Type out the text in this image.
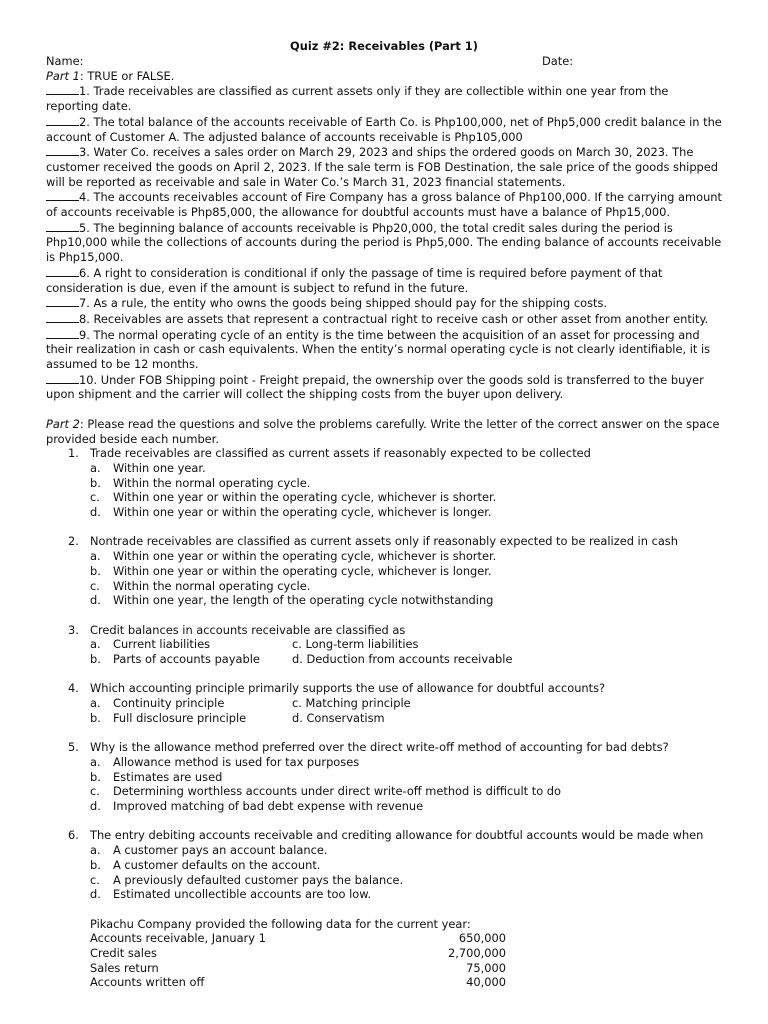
Quiz #2: Receivables (Part 1)
Name:	Date:
Part 1: TRUE or FALSE.
1. Trade receivables are classified as current assets only if they are collectible within one year from the reporting date.
2. The total balance of the accounts receivable of Earth Co. is Php100,000, net of Php5,000 credit balance in the account of Customer A. The adjusted balance of accounts receivable is Php105,000
3. Water Co. receives a sales order on March 29, 2023 and ships the ordered goods on March 30, 2023. The customer received the goods on April 2, 2023. If the sale term is FOB Destination, the sale price of the goods shipped will be reported as receivable and sale in Water Co.’s March 31, 2023 financial statements.
4. The accounts receivables account of Fire Company has a gross balance of Php100,000. If the carrying amount of accounts receivable is Php85,000, the allowance for doubtful accounts must have a balance of Php15,000.
5. The beginning balance of accounts receivable is Php20,000, the total credit sales during the period is Php10,000 while the collections of accounts during the period is Php5,000. The ending balance of accounts receivable is Php15,000.
6. A right to consideration is conditional if only the passage of time is required before payment of that consideration is due, even if the amount is subject to refund in the future.
7. As a rule, the entity who owns the goods being shipped should pay for the shipping costs.
8. Receivables are assets that represent a contractual right to receive cash or other asset from another entity.
9. The normal operating cycle of an entity is the time between the acquisition of an asset for processing and their realization in cash or cash equivalents. When the entity’s normal operating cycle is not clearly identifiable, it is assumed to be 12 months.
10. Under FOB Shipping point - Freight prepaid, the ownership over the goods sold is transferred to the buyer upon shipment and the carrier will collect the shipping costs from the buyer upon delivery.
Part 2: Please read the questions and solve the problems carefully. Write the letter of the correct answer on the space provided beside each number.
1. Trade receivables are classified as current assets if reasonably expected to be collected
a.	Within one year.
b.	Within the normal operating cycle.
c.	Within one year or within the operating cycle, whichever is shorter.
d.	Within one year or within the operating cycle, whichever is longer.
2. Nontrade receivables are classified as current assets only if reasonably expected to be realized in cash
a.	Within one year or within the operating cycle, whichever is shorter.
b.	Within one year or within the operating cycle, whichever is longer.
c.	Within the normal operating cycle.
d.	Within one year, the length of the operating cycle notwithstanding
3. Credit balances in accounts receivable are classified as
a.	Current liabilities	c. Long-term liabilities
b.	Parts of accounts payable	d. Deduction from accounts receivable
4. Which accounting principle primarily supports the use of allowance for doubtful accounts?
a.	Continuity principle	c. Matching principle
b.	Full disclosure principle	d. Conservatism
5. Why is the allowance method preferred over the direct write-off method of accounting for bad debts?
a.	Allowance method is used for tax purposes
b.	Estimates are used
c.	Determining worthless accounts under direct write-off method is difficult to do
d.	Improved matching of bad debt expense with revenue
6. The entry debiting accounts receivable and crediting allowance for doubtful accounts would be made when
a.	A customer pays an account balance.
b.	A customer defaults on the account.
c.	A previously defaulted customer pays the balance.
d.	Estimated uncollectible accounts are too low.
Pikachu Company provided the following data for the current year:
Accounts receivable, January 1	650,000
Credit sales	2,700,000
Sales return	75,000
Accounts written off	40,000
